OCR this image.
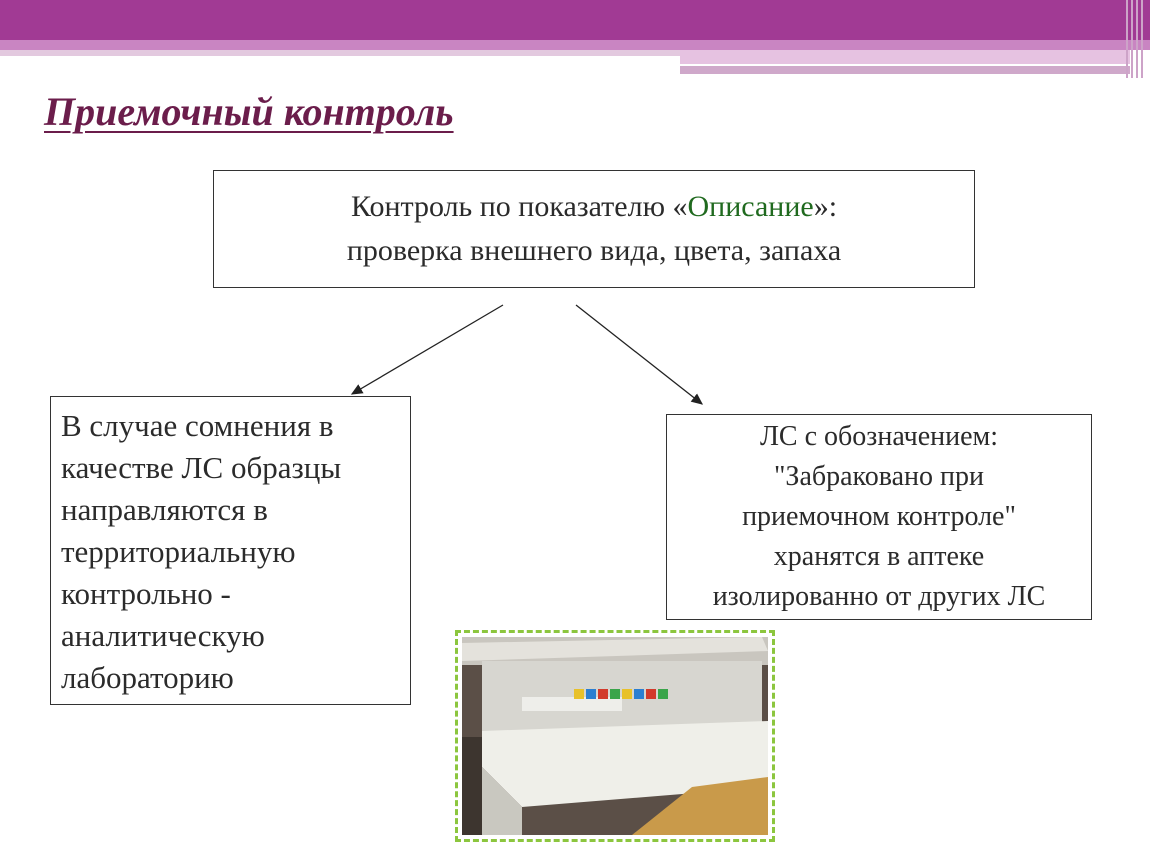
Приемочный контроль
Контроль по показателю «Описание»:
проверка внешнего вида, цвета, запаха
В случае сомнения в
качестве ЛС образцы
направляются в
территориальную
контрольно -
аналитическую
лабораторию
ЛС с обозначением:
"Забраковано при
приемочном контроле"
хранятся в аптеке
изолированно от других ЛС
